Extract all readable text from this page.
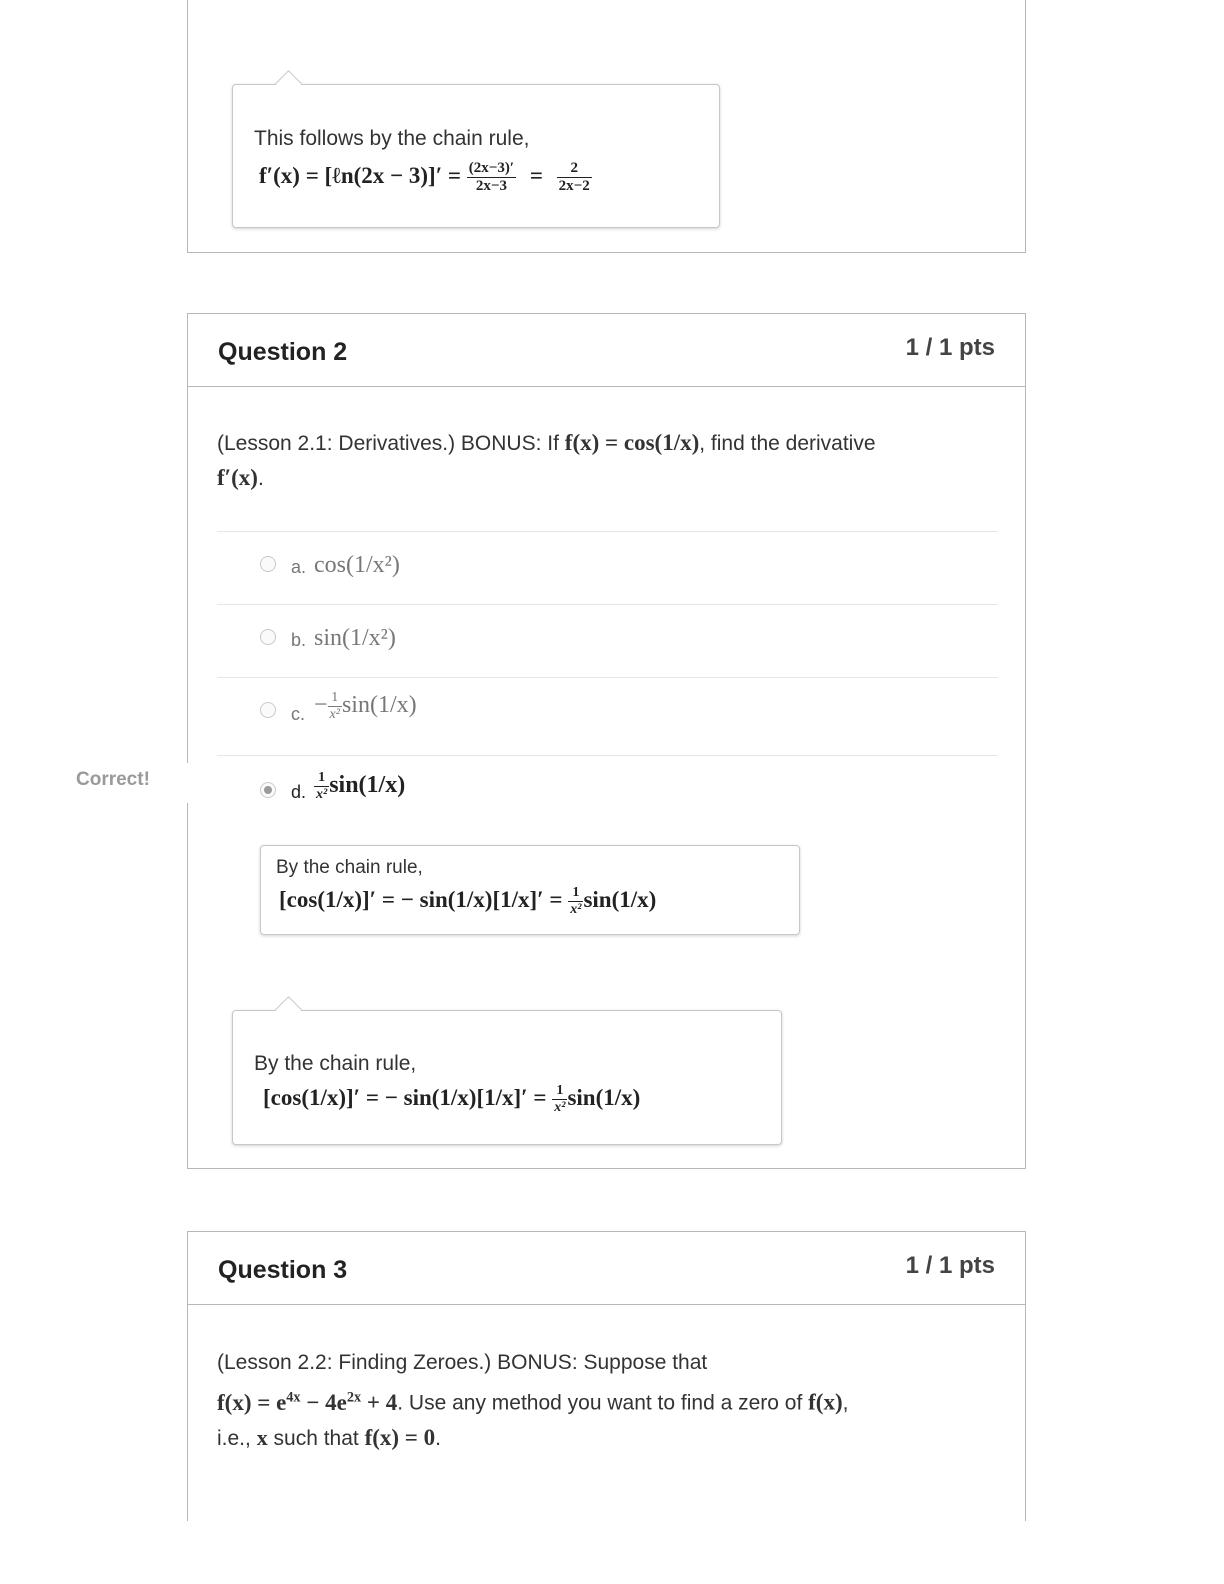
This follows by the chain rule,
f′(x) = [ℓn(2x − $3)]' = \frac{(2x-3)'}{2x-3} = \frac{2}{2x-2}$
Question 2	1 / 1 pts
(Lesson 2.1: Derivatives.) BONUS: If f(x) = cos(1/x), find the derivative
f′(x).
a. cos(1/x²)
b. sin(1/x²)
c. − $\frac{1}{\text{x²}} \sin(1/x)$
d. $\frac{1}{\text{x²}} \sin(1/x)$
By the chain rule,
[cos(1/x)]′ = − $\sin(1/x)[1/x]' = \frac{1}{\text{x²}} \sin(1/x)$
By the chain rule,
[cos(1/x)]′ = − $\sin(1/x)[1/x]' = \frac{1}{\text{x²}} \sin(1/x)$
Correct!
Question 3	1 / 1 pts
(Lesson 2.2: Finding Zeroes.) BONUS: Suppose that
$f(x) = e^{4x} - 4e^{2x} + 4$. Use any method you want to find a zero of f(x),
i.e., x such that f(x) = 0.
